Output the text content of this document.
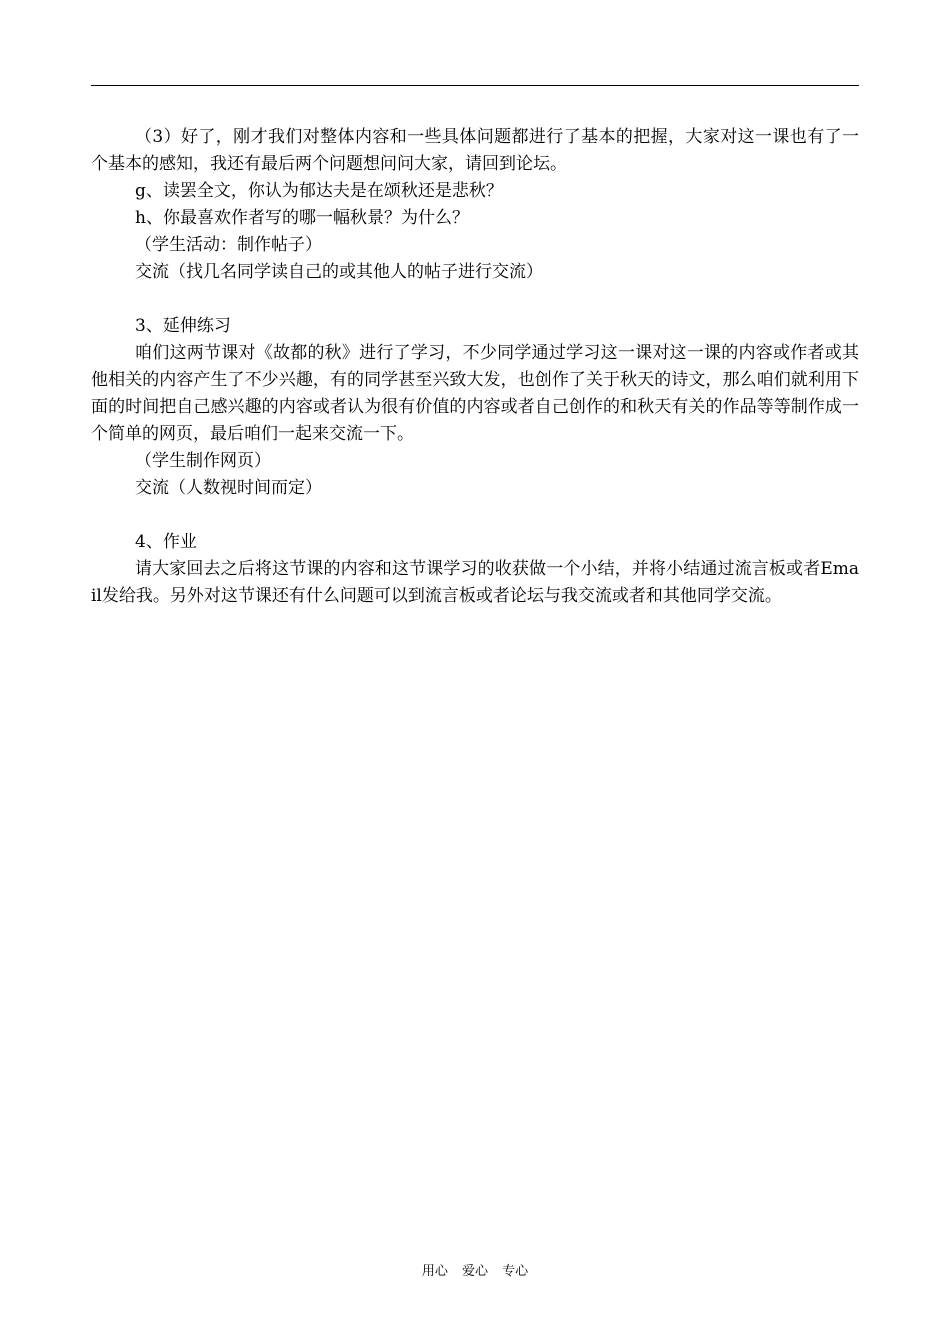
（3）好了，刚才我们对整体内容和一些具体问题都进行了基本的把握，大家对这一课也有了一个基本的感知，我还有最后两个问题想问问大家，请回到论坛。

g、读罢全文，你认为郁达夫是在颂秋还是悲秋？

h、你最喜欢作者写的哪一幅秋景？为什么？

（学生活动：制作帖子）

交流（找几名同学读自己的或其他人的帖子进行交流）

3、延伸练习

咱们这两节课对《故都的秋》进行了学习，不少同学通过学习这一课对这一课的内容或作者或其他相关的内容产生了不少兴趣，有的同学甚至兴致大发，也创作了关于秋天的诗文，那么咱们就利用下面的时间把自己感兴趣的内容或者认为很有价值的内容或者自己创作的和秋天有关的作品等等制作成一个简单的网页，最后咱们一起来交流一下。

（学生制作网页）

交流（人数视时间而定）

4、作业

请大家回去之后将这节课的内容和这节课学习的收获做一个小结，并将小结通过流言板或者Email发给我。另外对这节课还有什么问题可以到流言板或者论坛与我交流或者和其他同学交流。

用心 爱心 专心
